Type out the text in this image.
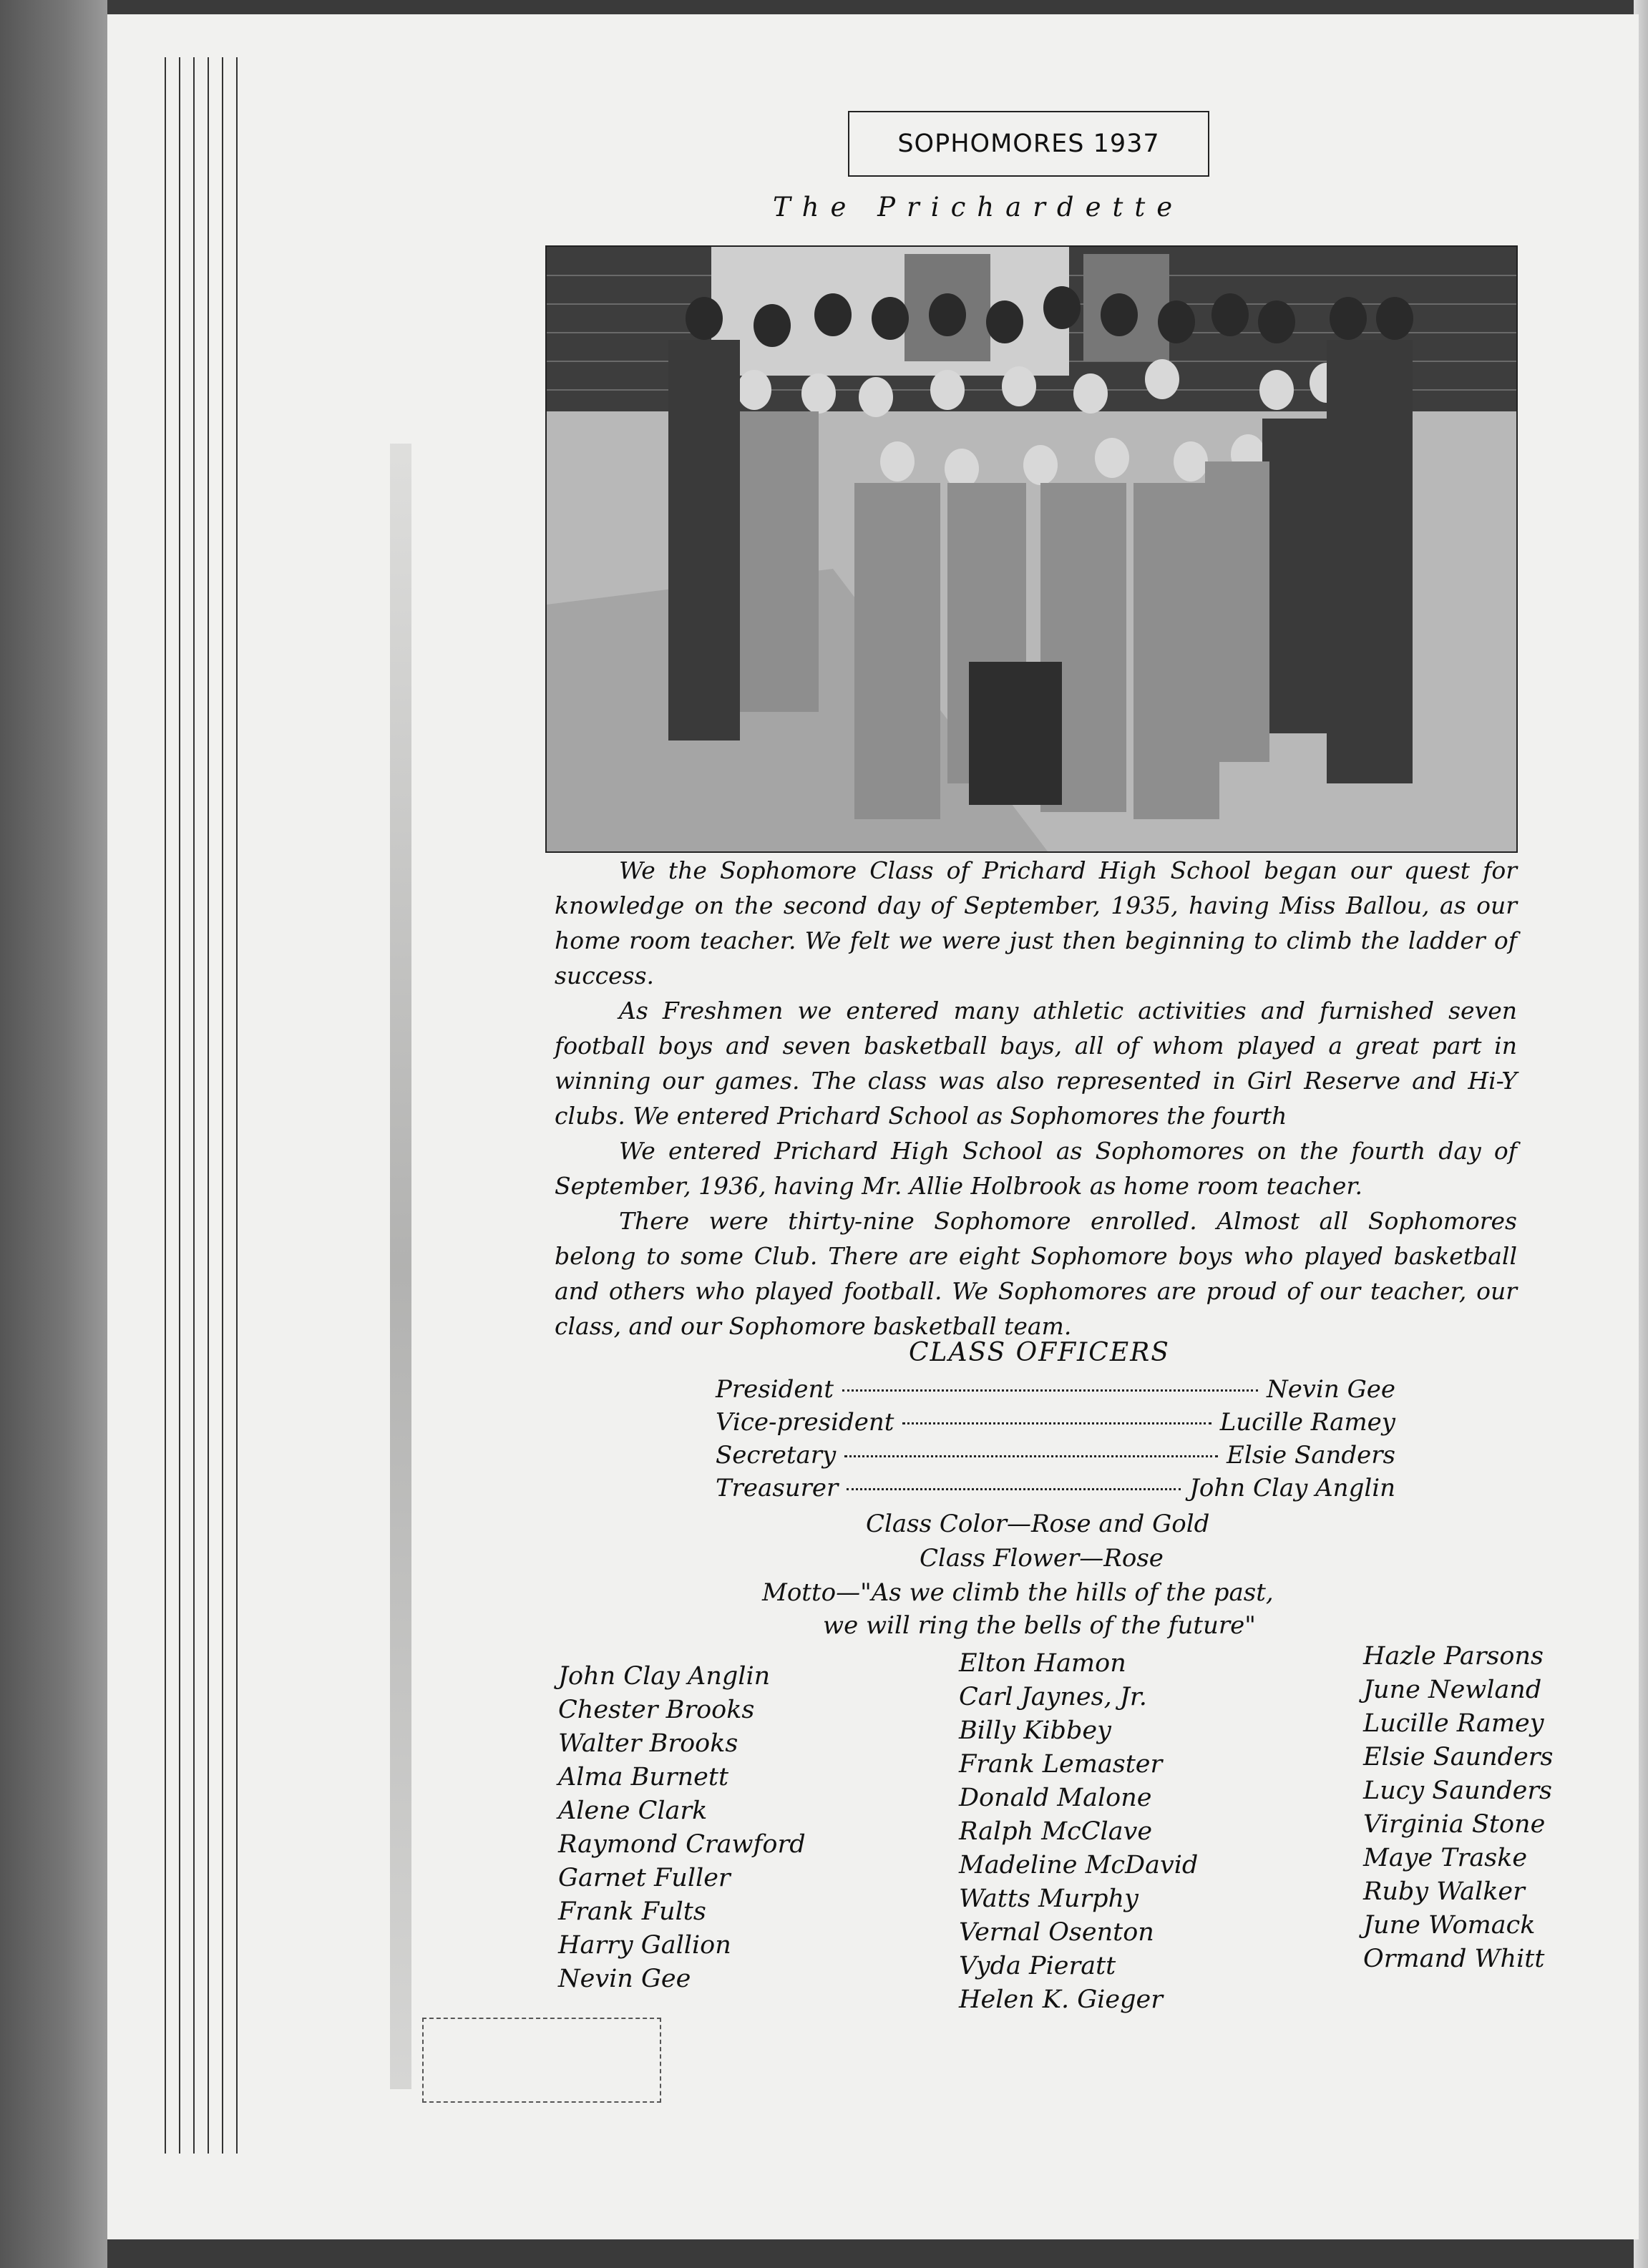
SOPHOMORES 1937
The Prichardette

We the Sophomore Class of Prichard High School began our quest for knowledge on the second day of September, 1935, having Miss Ballou, as our home room teacher. We felt we were just then beginning to climb the ladder of success.

As Freshmen we entered many athletic activities and furnished seven football boys and seven basketball bays, all of whom played a great part in winning our games. The class was also represented in Girl Reserve and Hi-Y clubs. We entered Prichard School as Sophomores the fourth

We entered Prichard High School as Sophomores on the fourth day of September, 1936, having Mr. Allie Holbrook as home room teacher.

There were thirty-nine Sophomore enrolled. Almost all Sophomores belong to some Club. There are eight Sophomore boys who played basketball and others who played football. We Sophomores are proud of our teacher, our class, and our Sophomore basketball team.

CLASS OFFICERS
President	Nevin Gee
Vice-president	Lucille Ramey
Secretary	Elsie Sanders
Treasurer	John Clay Anglin
Class Color—Rose and Gold
Class Flower—Rose
Motto—"As we climb the hills of the past,
we will ring the bells of the future"
John Clay Anglin
Chester Brooks
Walter Brooks
Alma Burnett
Alene Clark
Raymond Crawford
Garnet Fuller
Frank Fults
Harry Gallion
Nevin Gee
Elton Hamon
Carl Jaynes, Jr.
Billy Kibbey
Frank Lemaster
Donald Malone
Ralph McClave
Madeline McDavid
Watts Murphy
Vernal Osenton
Vyda Pieratt
Helen K. Gieger
Hazle Parsons
June Newland
Lucille Ramey
Elsie Saunders
Lucy Saunders
Virginia Stone
Maye Traske
Ruby Walker
June Womack
Ormand Whitt
